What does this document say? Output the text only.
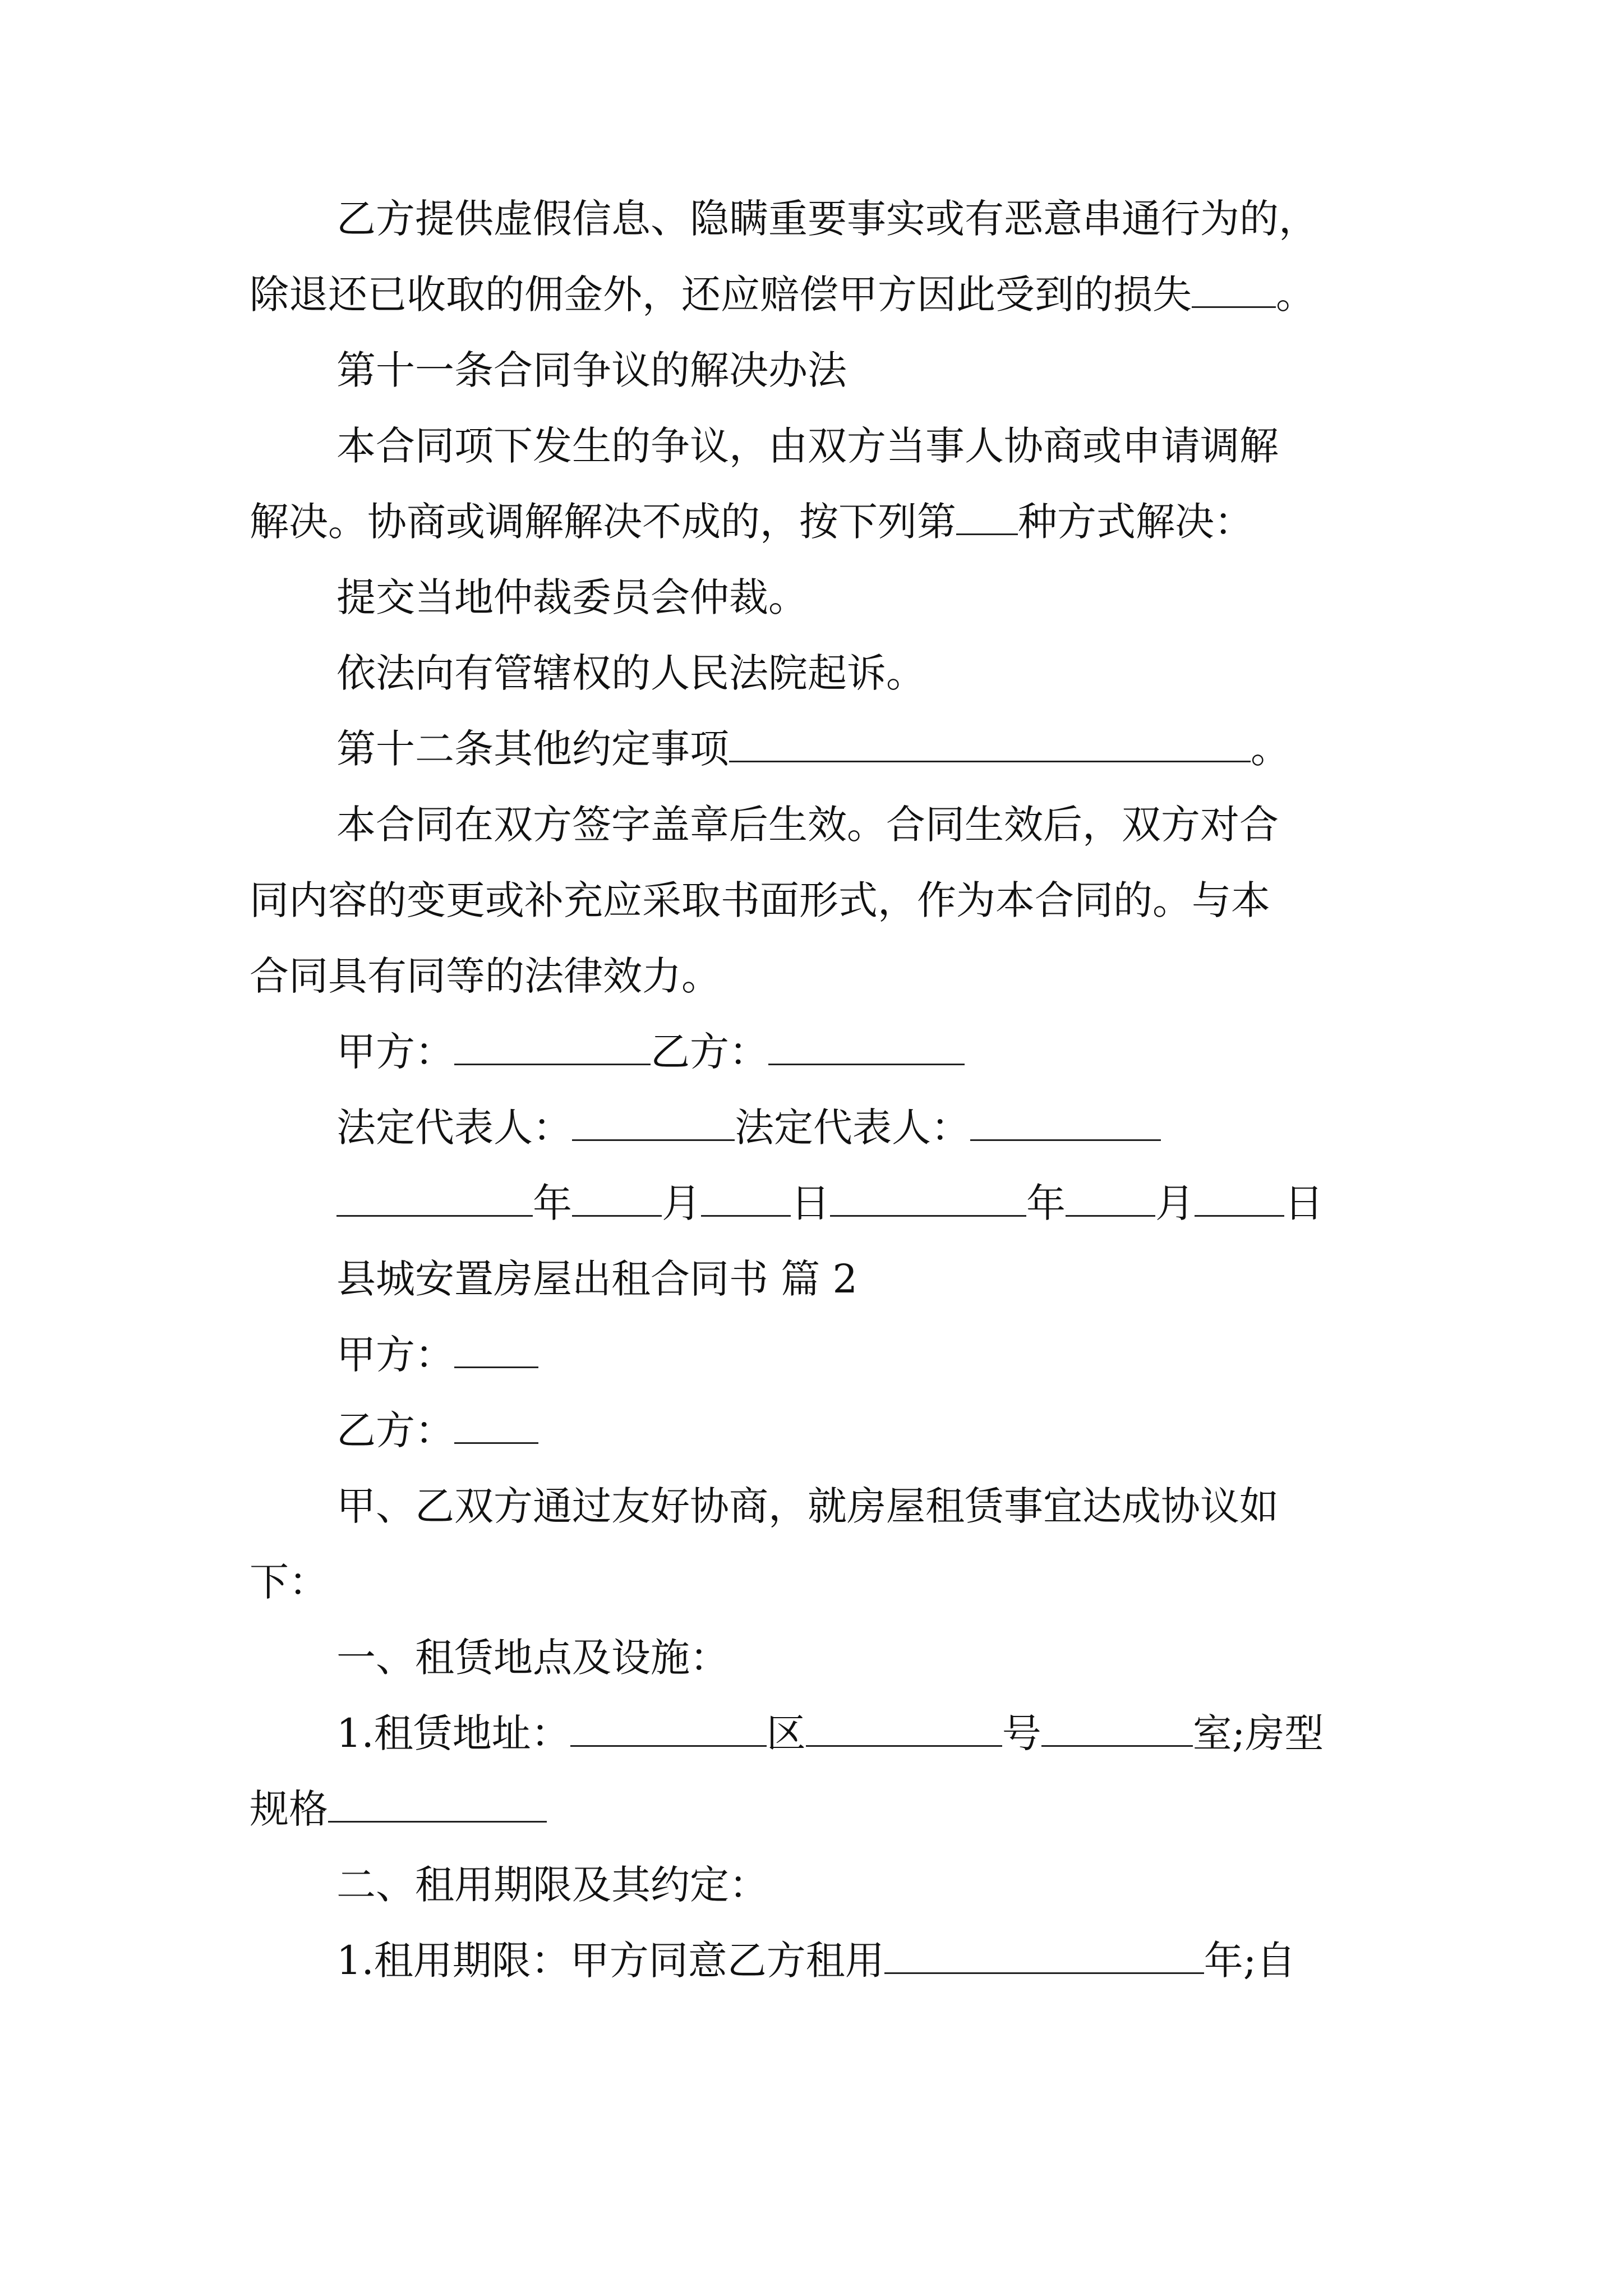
乙方提供虚假信息、隐瞒重要事实或有恶意串通行为的，
除退还已收取的佣金外，还应赔偿甲方因此受到的损失 。
第十一条合同争议的解决办法
本合同项下发生的争议，由双方当事人协商或申请调解
解决。协商或调解解决不成的，按下列第 种方式解决：
提交当地仲裁委员会仲裁。
依法向有管辖权的人民法院起诉。
第十二条其他约定事项	。
本合同在双方签字盖章后生效。合同生效后，双方对合
同内容的变更或补充应采取书面形式，作为本合同的。与本
合同具有同等的法律效力。
甲方：	乙方：
法定代表人：	法定代表人：
年 月 日	年 月 日
县城安置房屋出租合同书 篇 2
甲方：
乙方：
甲、乙双方通过友好协商，就房屋租赁事宜达成协议如
下：
一、租赁地点及设施：
1.租赁地址：	区	号	室;房型
规格
二、租用期限及其约定：
1.租用期限：甲方同意乙方租用	年;自
